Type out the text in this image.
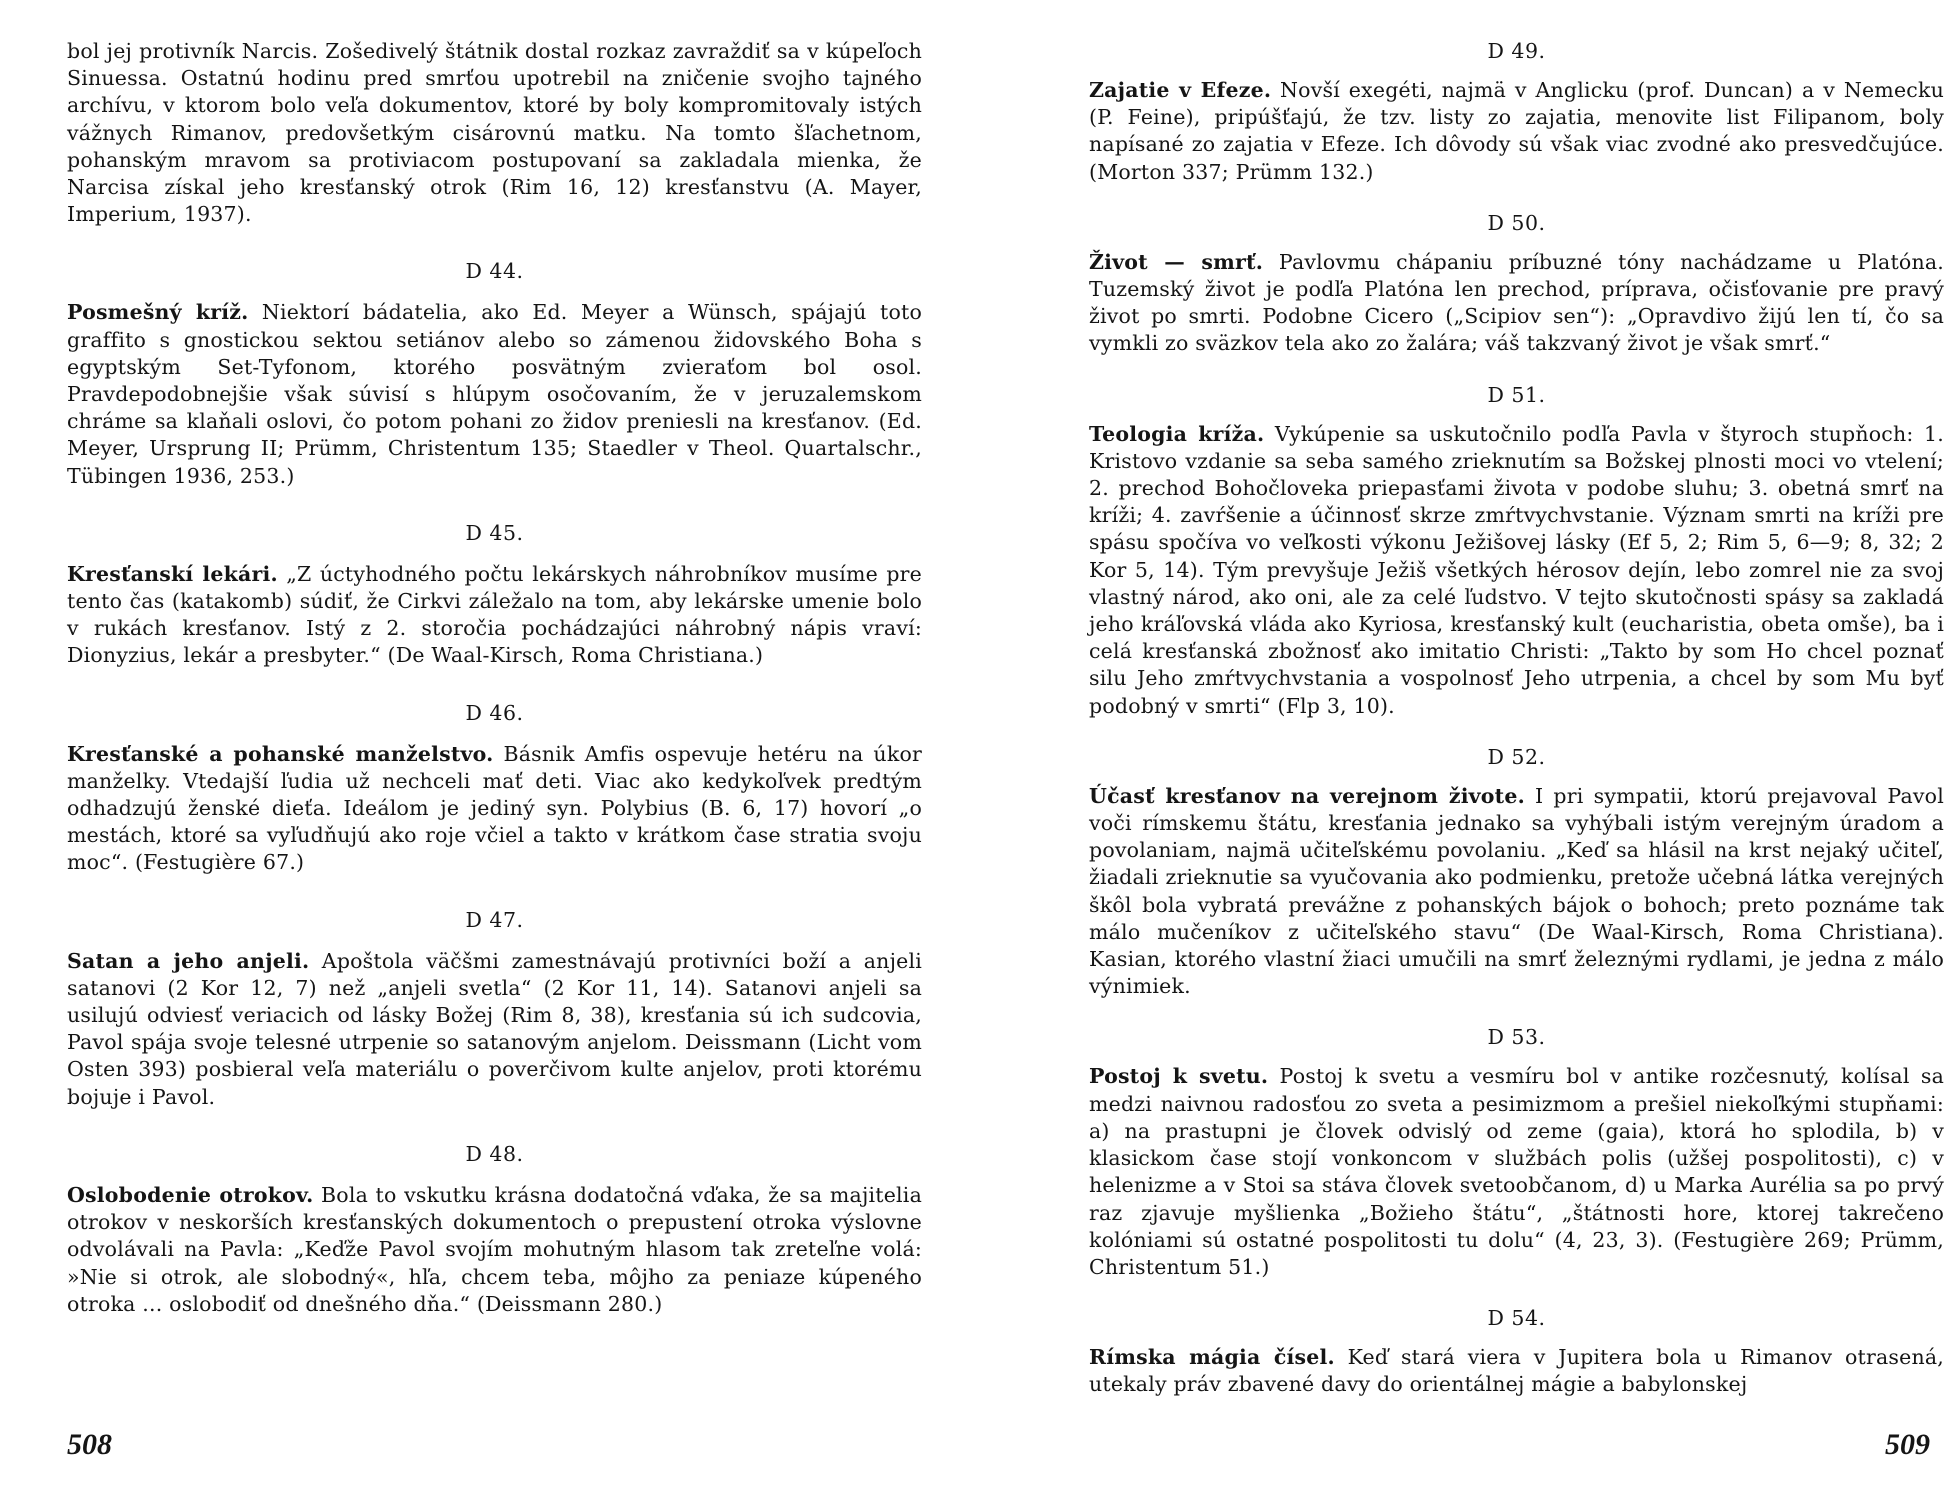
bol jej protivník Narcis. Zošedivelý štátnik dostal rozkaz zavraždiť sa v kúpeľoch Sinuessa. Ostatnú hodinu pred smrťou upotrebil na zničenie svojho tajného archívu, v ktorom bolo veľa dokumentov, ktoré by boly kompromitovaly istých vážnych Rimanov, predovšetkým cisárovnú matku. Na tomto šľachetnom, pohanským mravom sa protiviacom postupovaní sa zakladala mienka, že Narcisa získal jeho kresťanský otrok (Rim 16, 12) kresťanstvu (A. Mayer, Imperium, 1937).

D 44.

Posmešný kríž. Niektorí bádatelia, ako Ed. Meyer a Wünsch, spájajú toto graffito s gnostickou sektou setiánov alebo so zámenou židovského Boha s egyptským Set-Tyfonom, ktorého posvätným zvieraťom bol osol. Pravdepodobnejšie však súvisí s hlúpym osočovaním, že v jeruzalemskom chráme sa klaňali oslovi, čo potom pohani zo židov preniesli na kresťanov. (Ed. Meyer, Ursprung II; Prümm, Christentum 135; Staedler v Theol. Quartalschr., Tübingen 1936, 253.)

D 45.

Kresťanskí lekári. „Z úctyhodného počtu lekárskych náhrobníkov musíme pre tento čas (katakomb) súdiť, že Cirkvi záležalo na tom, aby lekárske umenie bolo v rukách kresťanov. Istý z 2. storočia pochádzajúci náhrobný nápis vraví: Dionyzius, lekár a presbyter.“ (De Waal-Kirsch, Roma Christiana.)

D 46.

Kresťanské a pohanské manželstvo. Básnik Amfis ospevuje hetéru na úkor manželky. Vtedajší ľudia už nechceli mať deti. Viac ako kedykoľvek predtým odhadzujú ženské dieťa. Ideálom je jediný syn. Polybius (B. 6, 17) hovorí „o mestách, ktoré sa vyľudňujú ako roje včiel a takto v krátkom čase stratia svoju moc“. (Festugière 67.)

D 47.

Satan a jeho anjeli. Apoštola väčšmi zamestnávajú protivníci boží a anjeli satanovi (2 Kor 12, 7) než „anjeli svetla“ (2 Kor 11, 14). Satanovi anjeli sa usilujú odviesť veriacich od lásky Božej (Rim 8, 38), kresťania sú ich sudcovia, Pavol spája svoje telesné utrpenie so satanovým anjelom. Deissmann (Licht vom Osten 393) posbieral veľa materiálu o poverčivom kulte anjelov, proti ktorému bojuje i Pavol.

D 48.

Oslobodenie otrokov. Bola to vskutku krásna dodatočná vďaka, že sa majitelia otrokov v neskorších kresťanských dokumentoch o prepustení otroka výslovne odvolávali na Pavla: „Keďže Pavol svojím mohutným hlasom tak zreteľne volá: »Nie si otrok, ale slobodný«, hľa, chcem teba, môjho za peniaze kúpeného otroka ... oslobodiť od dnešného dňa.“ (Deissmann 280.)

508
D 49.

Zajatie v Efeze. Novší exegéti, najmä v Anglicku (prof. Duncan) a v Nemecku (P. Feine), pripúšťajú, že tzv. listy zo zajatia, menovite list Filipanom, boly napísané zo zajatia v Efeze. Ich dôvody sú však viac zvodné ako presvedčujúce. (Morton 337; Prümm 132.)

D 50.

Život — smrť. Pavlovmu chápaniu príbuzné tóny nachádzame u Platóna. Tuzemský život je podľa Platóna len prechod, príprava, očisťovanie pre pravý život po smrti. Podobne Cicero („Scipiov sen“): „Opravdivo žijú len tí, čo sa vymkli zo sväzkov tela ako zo žalára; váš takzvaný život je však smrť.“

D 51.

Teologia kríža. Vykúpenie sa uskutočnilo podľa Pavla v štyroch stupňoch: 1. Kristovo vzdanie sa seba samého zrieknutím sa Božskej plnosti moci vo vtelení; 2. prechod Bohočloveka priepasťami života v podobe sluhu; 3. obetná smrť na kríži; 4. zavŕšenie a účinnosť skrze zmŕtvychvstanie. Význam smrti na kríži pre spásu spočíva vo veľkosti výkonu Ježišovej lásky (Ef 5, 2; Rim 5, 6—9; 8, 32; 2 Kor 5, 14). Tým prevyšuje Ježiš všetkých hérosov dejín, lebo zomrel nie za svoj vlastný národ, ako oni, ale za celé ľudstvo. V tejto skutočnosti spásy sa zakladá jeho kráľovská vláda ako Kyriosa, kresťanský kult (eucharistia, obeta omše), ba i celá kresťanská zbožnosť ako imitatio Christi: „Takto by som Ho chcel poznať silu Jeho zmŕtvychvstania a vospolnosť Jeho utrpenia, a chcel by som Mu byť podobný v smrti“ (Flp 3, 10).

D 52.

Účasť kresťanov na verejnom živote. I pri sympatii, ktorú prejavoval Pavol voči rímskemu štátu, kresťania jednako sa vyhýbali istým verejným úradom a povolaniam, najmä učiteľskému povolaniu. „Keď sa hlásil na krst nejaký učiteľ, žiadali zrieknutie sa vyučovania ako podmienku, pretože učebná látka verejných škôl bola vybratá prevážne z pohanských bájok o bohoch; preto poznáme tak málo mučeníkov z učiteľského stavu“ (De Waal-Kirsch, Roma Christiana). Kasian, ktorého vlastní žiaci umučili na smrť železnými rydlami, je jedna z málo výnimiek.

D 53.

Postoj k svetu. Postoj k svetu a vesmíru bol v antike rozčesnutý, kolísal sa medzi naivnou radosťou zo sveta a pesimizmom a prešiel niekoľkými stupňami: a) na prastupni je človek odvislý od zeme (gaia), ktorá ho splodila, b) v klasickom čase stojí vonkoncom v službách polis (užšej pospolitosti), c) v helenizme a v Stoi sa stáva človek svetoobčanom, d) u Marka Aurélia sa po prvý raz zjavuje myšlienka „Božieho štátu“, „štátnosti hore, ktorej takrečeno kolóniami sú ostatné pospolitosti tu dolu“ (4, 23, 3). (Festugière 269; Prümm, Christentum 51.)

D 54.

Rímska mágia čísel. Keď stará viera v Jupitera bola u Rimanov otrasená, utekaly práv zbavené davy do orientálnej mágie a babylonskej

509
